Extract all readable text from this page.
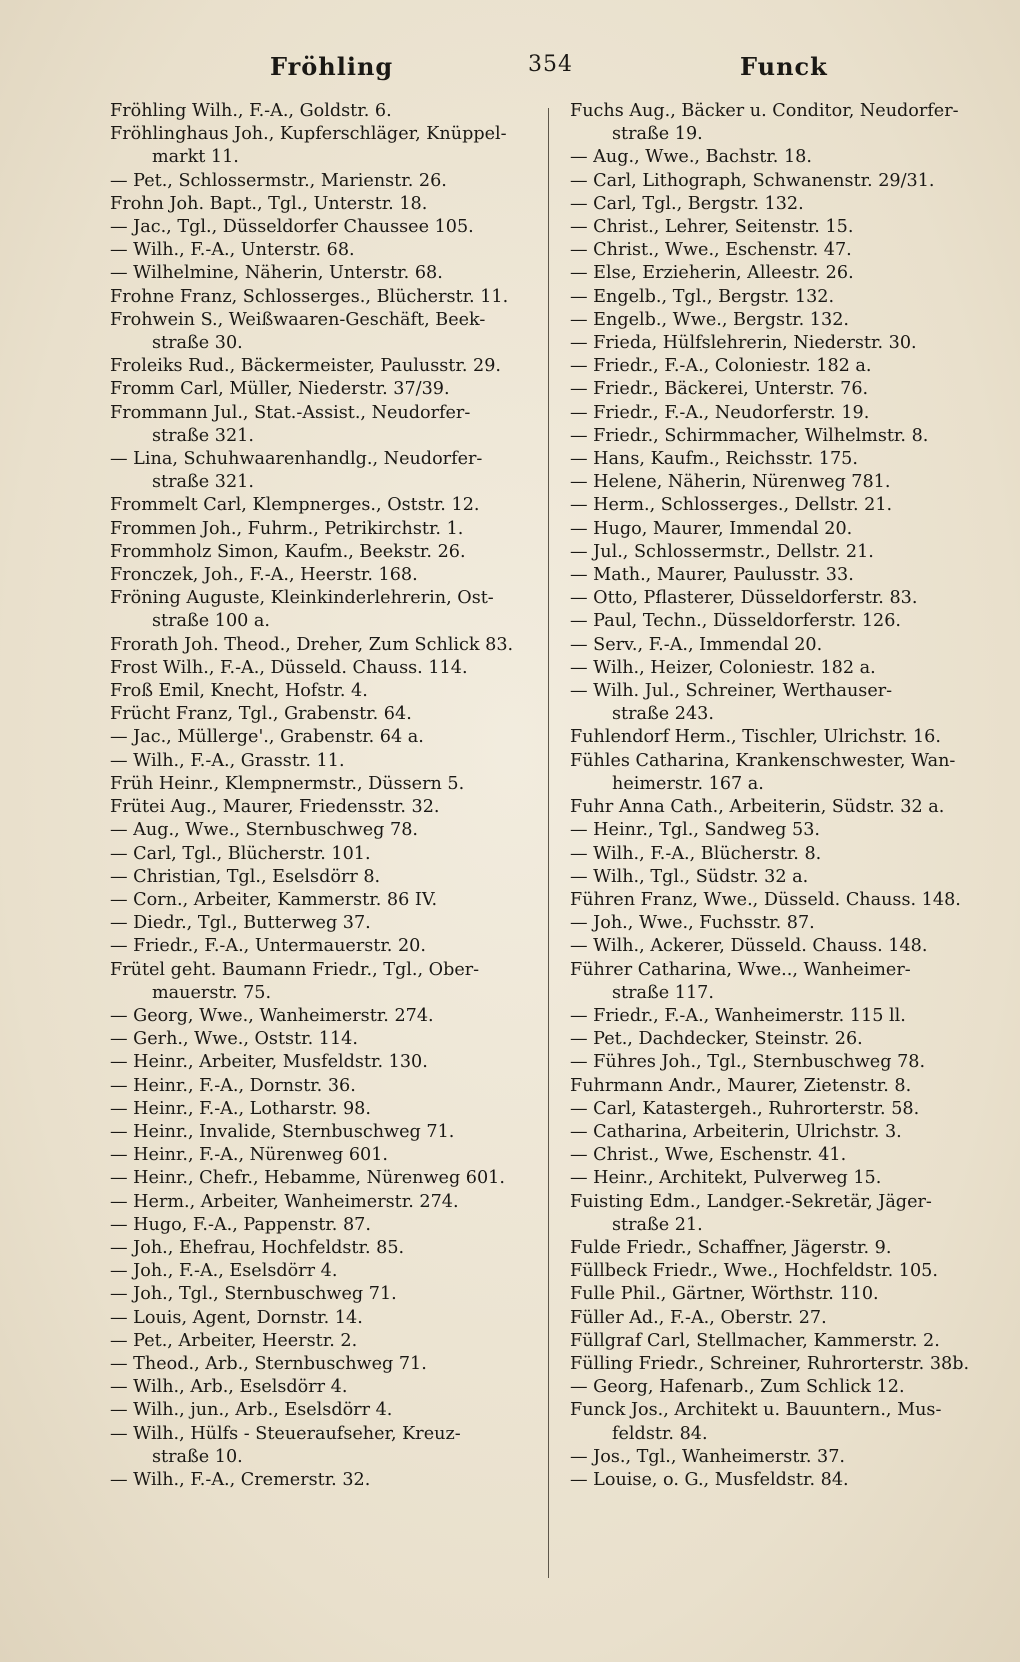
Fröhling	354	Funck
Fröhling Wilh., F.-A., Goldstr. 6.
Fröhlinghaus Joh., Kupferschläger, Knüppel-
markt 11.
— Pet., Schlossermstr., Marienstr. 26.
Frohn Joh. Bapt., Tgl., Unterstr. 18.
— Jac., Tgl., Düsseldorfer Chaussee 105.
— Wilh., F.-A., Unterstr. 68.
— Wilhelmine, Näherin, Unterstr. 68.
Frohne Franz, Schlosserges., Blücherstr. 11.
Frohwein S., Weißwaaren-Geschäft, Beek-
straße 30.
Froleiks Rud., Bäckermeister, Paulusstr. 29.
Fromm Carl, Müller, Niederstr. 37/39.
Frommann Jul., Stat.-Assist., Neudorfer-
straße 321.
— Lina, Schuhwaarenhandlg., Neudorfer-
straße 321.
Frommelt Carl, Klempnerges., Oststr. 12.
Frommen Joh., Fuhrm., Petrikirchstr. 1.
Frommholz Simon, Kaufm., Beekstr. 26.
Fronczek, Joh., F.-A., Heerstr. 168.
Fröning Auguste, Kleinkinderlehrerin, Ost-
straße 100 a.
Frorath Joh. Theod., Dreher, Zum Schlick 83.
Frost Wilh., F.-A., Düsseld. Chauss. 114.
Froß Emil, Knecht, Hofstr. 4.
Frücht Franz, Tgl., Grabenstr. 64.
— Jac., Müllerge'., Grabenstr. 64 a.
— Wilh., F.-A., Grasstr. 11.
Früh Heinr., Klempnermstr., Düssern 5.
Frütei Aug., Maurer, Friedensstr. 32.
— Aug., Wwe., Sternbuschweg 78.
— Carl, Tgl., Blücherstr. 101.
— Christian, Tgl., Eselsdörr 8.
— Corn., Arbeiter, Kammerstr. 86 IV.
— Diedr., Tgl., Butterweg 37.
— Friedr., F.-A., Untermauerstr. 20.
Frütel geht. Baumann Friedr., Tgl., Ober-
mauerstr. 75.
— Georg, Wwe., Wanheimerstr. 274.
— Gerh., Wwe., Oststr. 114.
— Heinr., Arbeiter, Musfeldstr. 130.
— Heinr., F.-A., Dornstr. 36.
— Heinr., F.-A., Lotharstr. 98.
— Heinr., Invalide, Sternbuschweg 71.
— Heinr., F.-A., Nürenweg 601.
— Heinr., Chefr., Hebamme, Nürenweg 601.
— Herm., Arbeiter, Wanheimerstr. 274.
— Hugo, F.-A., Pappenstr. 87.
— Joh., Ehefrau, Hochfeldstr. 85.
— Joh., F.-A., Eselsdörr 4.
— Joh., Tgl., Sternbuschweg 71.
— Louis, Agent, Dornstr. 14.
— Pet., Arbeiter, Heerstr. 2.
— Theod., Arb., Sternbuschweg 71.
— Wilh., Arb., Eselsdörr 4.
— Wilh., jun., Arb., Eselsdörr 4.
— Wilh., Hülfs - Steueraufseher, Kreuz-
straße 10.
— Wilh., F.-A., Cremerstr. 32.
Fuchs Aug., Bäcker u. Conditor, Neudorfer-
straße 19.
— Aug., Wwe., Bachstr. 18.
— Carl, Lithograph, Schwanenstr. 29/31.
— Carl, Tgl., Bergstr. 132.
— Christ., Lehrer, Seitenstr. 15.
— Christ., Wwe., Eschenstr. 47.
— Else, Erzieherin, Alleestr. 26.
— Engelb., Tgl., Bergstr. 132.
— Engelb., Wwe., Bergstr. 132.
— Frieda, Hülfslehrerin, Niederstr. 30.
— Friedr., F.-A., Coloniestr. 182 a.
— Friedr., Bäckerei, Unterstr. 76.
— Friedr., F.-A., Neudorferstr. 19.
— Friedr., Schirmmacher, Wilhelmstr. 8.
— Hans, Kaufm., Reichsstr. 175.
— Helene, Näherin, Nürenweg 781.
— Herm., Schlosserges., Dellstr. 21.
— Hugo, Maurer, Immendal 20.
— Jul., Schlossermstr., Dellstr. 21.
— Math., Maurer, Paulusstr. 33.
— Otto, Pflasterer, Düsseldorferstr. 83.
— Paul, Techn., Düsseldorferstr. 126.
— Serv., F.-A., Immendal 20.
— Wilh., Heizer, Coloniestr. 182 a.
— Wilh. Jul., Schreiner, Werthauser-
straße 243.
Fuhlendorf Herm., Tischler, Ulrichstr. 16.
Fühles Catharina, Krankenschwester, Wan-
heimerstr. 167 a.
Fuhr Anna Cath., Arbeiterin, Südstr. 32 a.
— Heinr., Tgl., Sandweg 53.
— Wilh., F.-A., Blücherstr. 8.
— Wilh., Tgl., Südstr. 32 a.
Führen Franz, Wwe., Düsseld. Chauss. 148.
— Joh., Wwe., Fuchsstr. 87.
— Wilh., Ackerer, Düsseld. Chauss. 148.
Führer Catharina, Wwe.., Wanheimer-
straße 117.
— Friedr., F.-A., Wanheimerstr. 115 ll.
— Pet., Dachdecker, Steinstr. 26.
— Führes Joh., Tgl., Sternbuschweg 78.
Fuhrmann Andr., Maurer, Zietenstr. 8.
— Carl, Katastergeh., Ruhrorterstr. 58.
— Catharina, Arbeiterin, Ulrichstr. 3.
— Christ., Wwe, Eschenstr. 41.
— Heinr., Architekt, Pulverweg 15.
Fuisting Edm., Landger.-Sekretär, Jäger-
straße 21.
Fulde Friedr., Schaffner, Jägerstr. 9.
Füllbeck Friedr., Wwe., Hochfeldstr. 105.
Fulle Phil., Gärtner, Wörthstr. 110.
Füller Ad., F.-A., Oberstr. 27.
Füllgraf Carl, Stellmacher, Kammerstr. 2.
Fülling Friedr., Schreiner, Ruhrorterstr. 38b.
— Georg, Hafenarb., Zum Schlick 12.
Funck Jos., Architekt u. Bauuntern., Mus-
feldstr. 84.
— Jos., Tgl., Wanheimerstr. 37.
— Louise, o. G., Musfeldstr. 84.
